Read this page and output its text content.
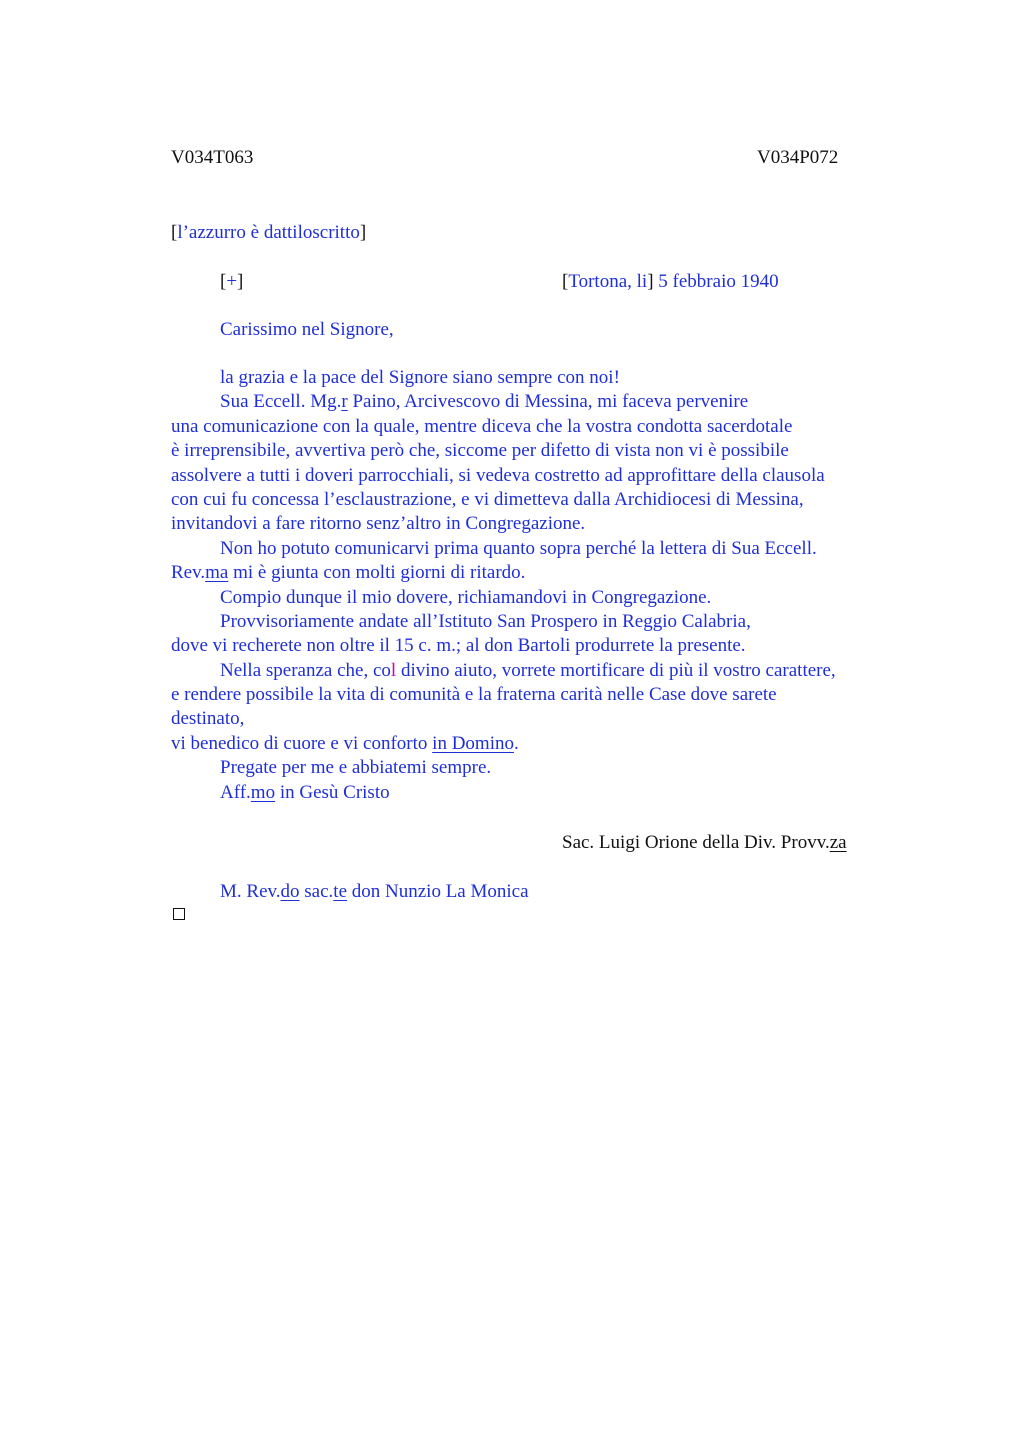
V034T063	V034P072
[l’azzurro è dattiloscritto]
[+]	[Tortona, li] 5 febbraio 1940
Carissimo nel Signore,
la grazia e la pace del Signore siano sempre con noi!
Sua Eccell. Mg.r Paino, Arcivescovo di Messina, mi faceva pervenire
una comunicazione con la quale, mentre diceva che la vostra condotta sacerdotale
è irreprensibile, avvertiva però che, siccome per difetto di vista non vi è possibile
assolvere a tutti i doveri parrocchiali, si vedeva costretto ad approfittare della clausola
con cui fu concessa l’esclaustrazione, e vi dimetteva dalla Archidiocesi di Messina,
invitandovi a fare ritorno senz’altro in Congregazione.
Non ho potuto comunicarvi prima quanto sopra perché la lettera di Sua Eccell.
Rev.ma mi è giunta con molti giorni di ritardo.
Compio dunque il mio dovere, richiamandovi in Congregazione.
Provvisoriamente andate all’Istituto San Prospero in Reggio Calabria,
dove vi recherete non oltre il 15 c. m.; al don Bartoli produrrete la presente.
Nella speranza che, col divino aiuto, vorrete mortificare di più il vostro carattere,
e rendere possibile la vita di comunità e la fraterna carità nelle Case dove sarete
destinato,
vi benedico di cuore e vi conforto in Domino.
Pregate per me e abbiatemi sempre.
Aff.mo in Gesù Cristo
Sac. Luigi Orione della Div. Provv.za
M. Rev.do sac.te don Nunzio La Monica
